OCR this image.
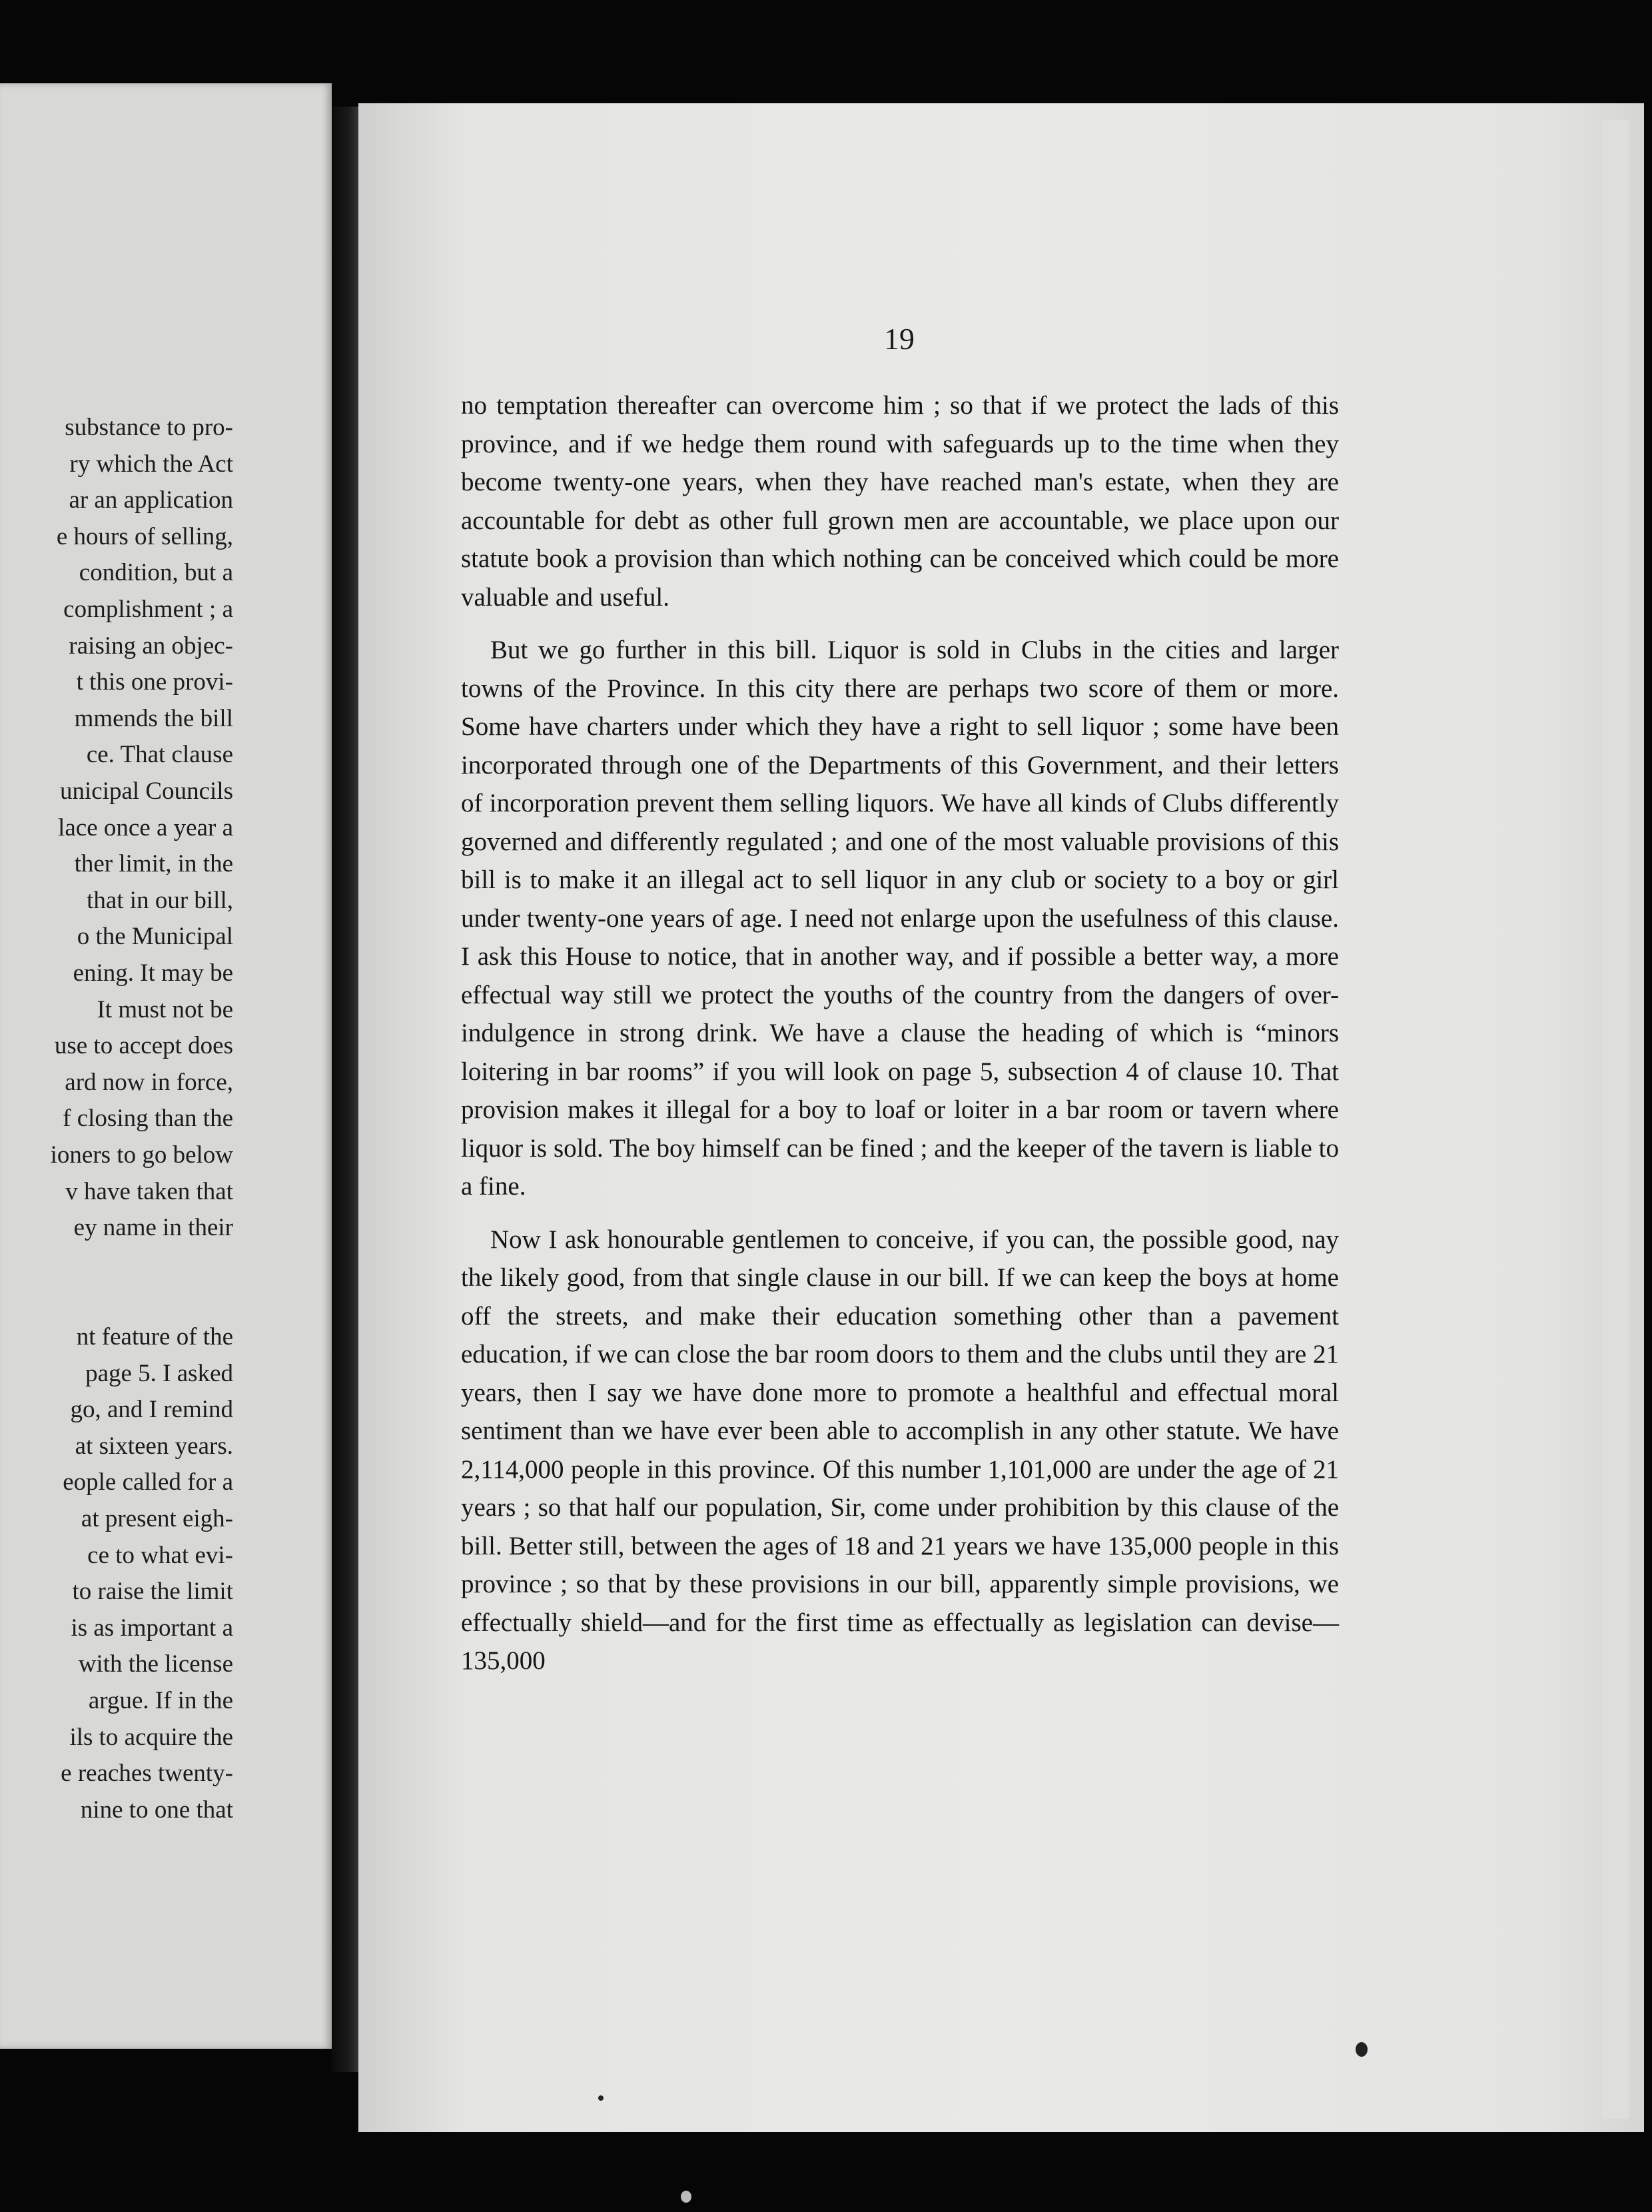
substance to pro-
ry which the Act
ar an application
e hours of selling,
condition, but a
complishment ; a
raising an objec-
t this one provi-
mmends the bill
ce. That clause
unicipal Councils
lace once a year a
ther limit, in the
that in our bill,
o the Municipal
ening. It may be
It must not be
use to accept does
ard now in force,
f closing than the
ioners to go below
v have taken that
ey name in their
nt feature of the
page 5. I asked
go, and I remind
at sixteen years.
eople called for a
at present eigh-
ce to what evi-
to raise the limit
is as important a
with the license
argue. If in the
ils to acquire the
e reaches twenty-
nine to one that
19

no temptation thereafter can overcome him ; so that if we protect the lads of this province, and if we hedge them round with safeguards up to the time when they become twenty-one years, when they have reached man's estate, when they are accountable for debt as other full grown men are accountable, we place upon our statute book a provision than which nothing can be conceived which could be more valuable and useful.

But we go further in this bill. Liquor is sold in Clubs in the cities and larger towns of the Province. In this city there are perhaps two score of them or more. Some have charters under which they have a right to sell liquor ; some have been incorporated through one of the Departments of this Government, and their letters of incorporation prevent them selling liquors. We have all kinds of Clubs differently governed and differently regulated ; and one of the most valuable provisions of this bill is to make it an illegal act to sell liquor in any club or society to a boy or girl under twenty-one years of age. I need not enlarge upon the usefulness of this clause. I ask this House to notice, that in another way, and if possible a better way, a more effectual way still we protect the youths of the country from the dangers of over-indulgence in strong drink. We have a clause the heading of which is “minors loitering in bar rooms” if you will look on page 5, subsection 4 of clause 10. That provision makes it illegal for a boy to loaf or loiter in a bar room or tavern where liquor is sold. The boy himself can be fined ; and the keeper of the tavern is liable to a fine.

Now I ask honourable gentlemen to conceive, if you can, the possible good, nay the likely good, from that single clause in our bill. If we can keep the boys at home off the streets, and make their education something other than a pavement education, if we can close the bar room doors to them and the clubs until they are 21 years, then I say we have done more to promote a healthful and effectual moral sentiment than we have ever been able to accomplish in any other statute. We have 2,114,000 people in this province. Of this number 1,101,000 are under the age of 21 years ; so that half our population, Sir, come under prohibition by this clause of the bill. Better still, between the ages of 18 and 21 years we have 135,000 people in this province ; so that by these provisions in our bill, apparently simple provisions, we effectually shield—and for the first time as effectually as legislation can devise—135,000
